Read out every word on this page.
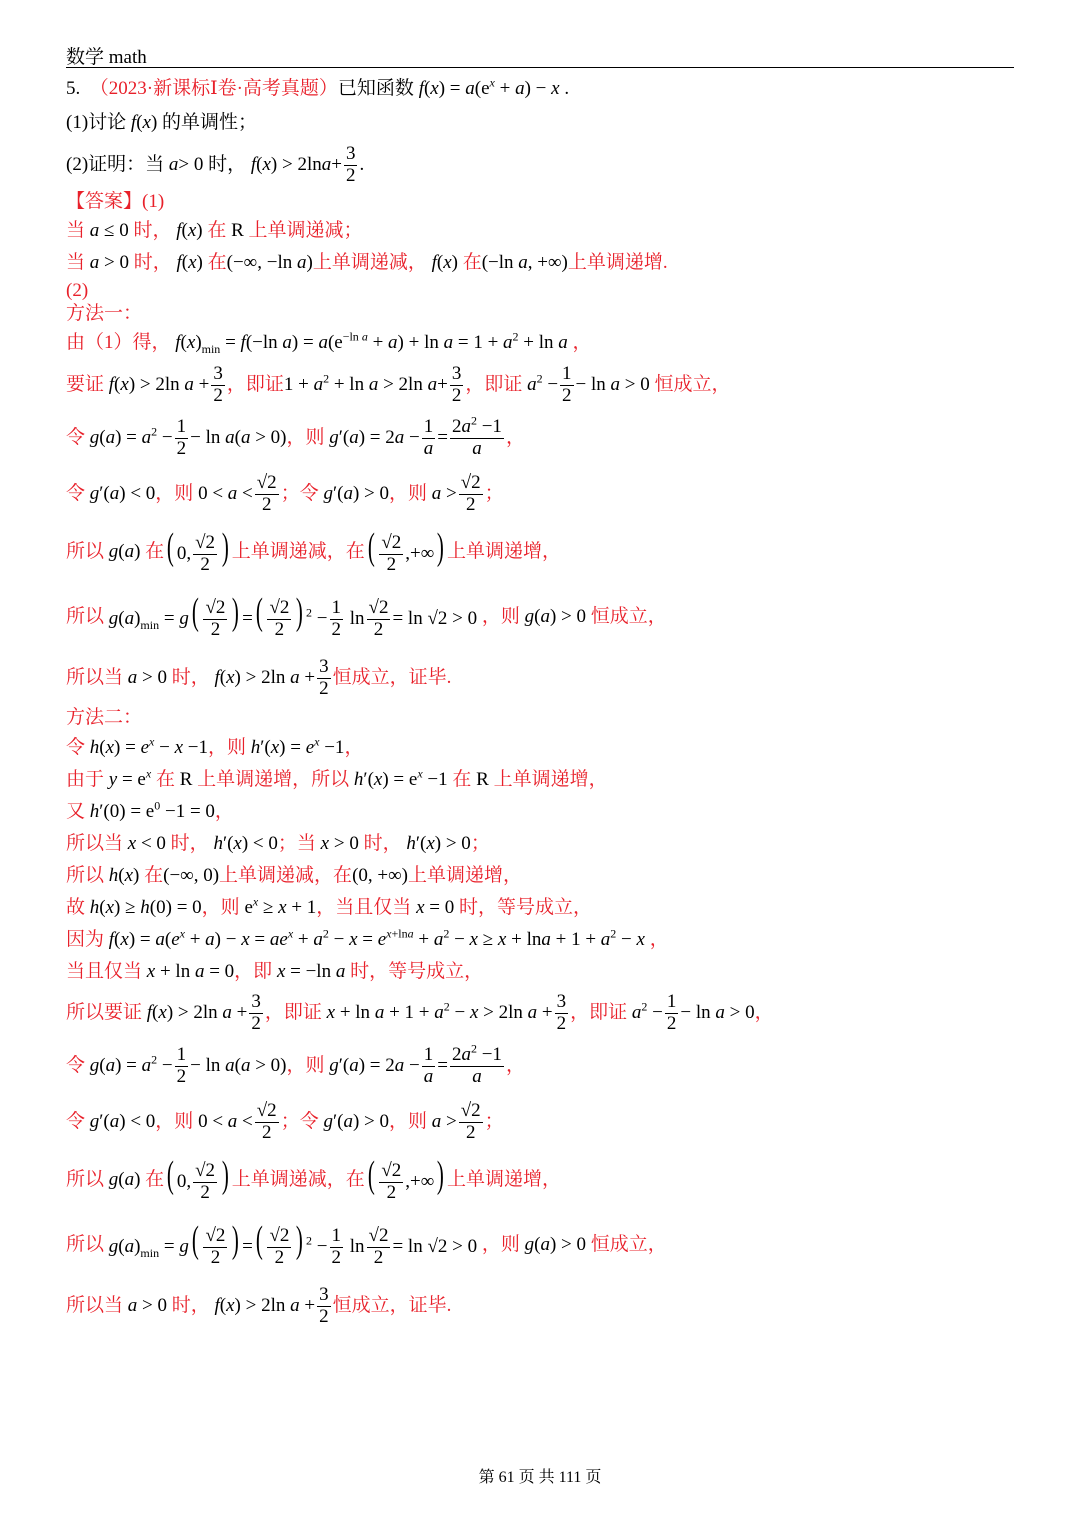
数学 math
5.
（2023·新课标Ⅰ卷·高考真题） 已知函数
$f(x) = a(e^x + a) - x$ .
(1)讨论 f ( x ) 的单调性；
(2)证明：当 a > 0 时， f ( x ) > 2ln $a + \frac{3}{2}$ .
【答案】 (1)
当 a ≤ 0 时， f(x) 在 R 上单调递减；
当 a > 0 时， f(x) 在 (−∞, −ln a) 上单调递减， f(x) 在 (−ln a, +∞) 上单调递增.
(2)
方法一：
由（1）得， $f(x)_{min} = f(-\ln$ $a) = a(e^{-ln a} + a) + \ln a = 1 + a^2 + \ln a$ ，
要证 f(x) > 2ln $a + \frac{3}{2}$ ，即证 $1 + a^2 + \ln a > 2\ln$ $a+ \frac{3}{2}$ ，即证 $a^2 - \frac{1}{2} - \ln a > 0$ 恒成立，
令 $g(a) = a^2 - \frac{1}{2} - \ln a(a > 0)$ ，则 $g'(a) = 2a - \frac{1}{a} = \frac{2a^2 -1}{a}$ ，
令 g′(a) < 0 ，则 $0 < a < \frac{√2}{2}$ ；令 g′(a) > 0 ，则 $a > \frac{√2}{2}$ ；
所以 g(a) 在 ( 0, $\frac{√2}{2}$ ) 上单调递减，在 ( $\frac{√2}{2}$ ,+∞) 上单调递增，
所以 $g(a)_{min} = g( \frac{√2}{2}$ ) =( $\frac{√2}{2}$ ) $^2 - \frac{1}{2}$ $\ln \frac{√2}{2} = \ln √2 > 0$ ，则 g(a) > 0 恒成立，
所以当 a > 0 时， f(x) > 2ln $a + \frac{3}{2}$ 恒成立，证毕.
方法二：
令 $h(x) = e^x - x -1$ ，则 $h'(x) = e^x -1$ ，
由于 $y = e^x$ 在 R 上单调递增，所以 $h'(x) = e^x -1$ 在 R 上单调递增，
又 $h'(0) = e^0 -1 = 0$ ，
所以当 x < 0 时， h′(x) < 0 ；当 x > 0 时， h′(x) > 0 ；
所以 h(x) 在 (−∞, 0) 上单调递减，在 (0, +∞) 上单调递增，
故 h(x) ≥ h(0) = 0 ，则 $e^x \ge x + 1$ ，当且仅当 x = 0 时，等号成立，
因为 $f(x) = a(e^x + a) - x = ae^x + a^2 - x = e^{x+lna} + a^2 - x \ge x + \ln a + 1 + a^2 - x$ ，
当且仅当 x + ln a = 0 ，即 x = −ln a 时，等号成立，
所以要证 f(x) > 2ln $a + \frac{3}{2}$ ，即证 $x + \ln a + 1 + a^2 - x > 2\ln$ $a + \frac{3}{2}$ ，即证 $a^2 - \frac{1}{2} - \ln a > 0$ ，
令 $g(a) = a^2 - \frac{1}{2} - \ln a(a > 0)$ ，则 $g'(a) = 2a - \frac{1}{a} = \frac{2a^2 -1}{a}$ ，
令 g′(a) < 0 ，则 $0 < a < \frac{√2}{2}$ ；令 g′(a) > 0 ，则 $a > \frac{√2}{2}$ ；
所以 g(a) 在 ( 0, $\frac{√2}{2}$ ) 上单调递减，在 ( $\frac{√2}{2}$ ,+∞) 上单调递增，
所以 $g(a)_{min} = g( \frac{√2}{2}$ ) =( $\frac{√2}{2}$ ) $^2 - \frac{1}{2}$ $\ln \frac{√2}{2} = \ln √2 > 0$ ，则 g(a) > 0 恒成立，
所以当 a > 0 时， f(x) > 2ln $a + \frac{3}{2}$ 恒成立，证毕.
第 61 页 共 111 页
